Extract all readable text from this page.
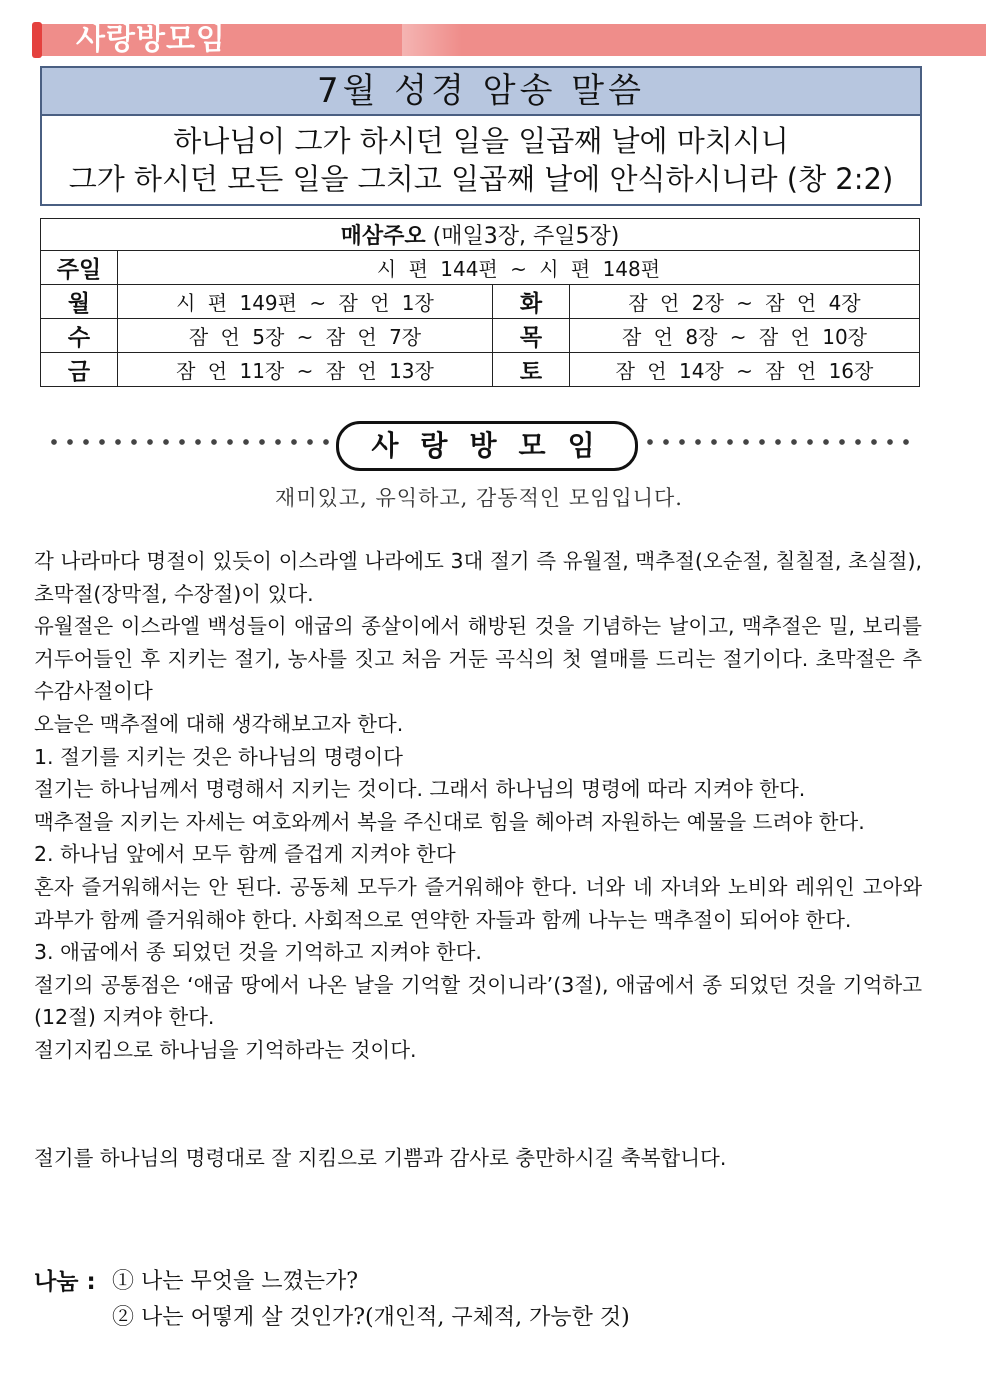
사랑방모임
7월 성경 암송 말씀
하나님이 그가 하시던 일을 일곱째 날에 마치시니
그가 하시던 모든 일을 그치고 일곱째 날에 안식하시니라 (창 2:2)
매삼주오 (매일3장, 주일5장)			
주일	시 편 144편 ~ 시 편 148편		
월	시 편 149편 ~ 잠 언 1장	화	잠 언 2장 ~ 잠 언 4장
수	잠 언 5장 ~ 잠 언 7장	목	잠 언 8장 ~ 잠 언 10장
금	잠 언 11장 ~ 잠 언 13장	토	잠 언 14장 ~ 잠 언 16장
사랑방모임
재미있고, 유익하고, 감동적인 모임입니다.

각 나라마다 명절이 있듯이 이스라엘 나라에도 3대 절기 즉 유월절, 맥추절(오순절, 칠칠절, 초실절), 초막절(장막절, 수장절)이 있다.

유월절은 이스라엘 백성들이 애굽의 종살이에서 해방된 것을 기념하는 날이고, 맥추절은 밀, 보리를 거두어들인 후 지키는 절기, 농사를 짓고 처음 거둔 곡식의 첫 열매를 드리는 절기이다. 초막절은 추수감사절이다

오늘은 맥추절에 대해 생각해보고자 한다.

1. 절기를 지키는 것은 하나님의 명령이다

절기는 하나님께서 명령해서 지키는 것이다. 그래서 하나님의 명령에 따라 지켜야 한다.

맥추절을 지키는 자세는 여호와께서 복을 주신대로 힘을 헤아려 자원하는 예물을 드려야 한다.

2. 하나님 앞에서 모두 함께 즐겁게 지켜야 한다

혼자 즐거워해서는 안 된다. 공동체 모두가 즐거워해야 한다. 너와 네 자녀와 노비와 레위인 고아와 과부가 함께 즐거워해야 한다. 사회적으로 연약한 자들과 함께 나누는 맥추절이 되어야 한다.

3. 애굽에서 종 되었던 것을 기억하고 지켜야 한다.

절기의 공통점은 ‘애굽 땅에서 나온 날을 기억할 것이니라’(3절), 애굽에서 종 되었던 것을 기억하고(12절) 지켜야 한다.

절기지킴으로 하나님을 기억하라는 것이다.

절기를 하나님의 명령대로 잘 지킴으로 기쁨과 감사로 충만하시길 축복합니다.
나눔 : ① 나는 무엇을 느꼈는가?
② 나는 어떻게 살 것인가?(개인적, 구체적, 가능한 것)
